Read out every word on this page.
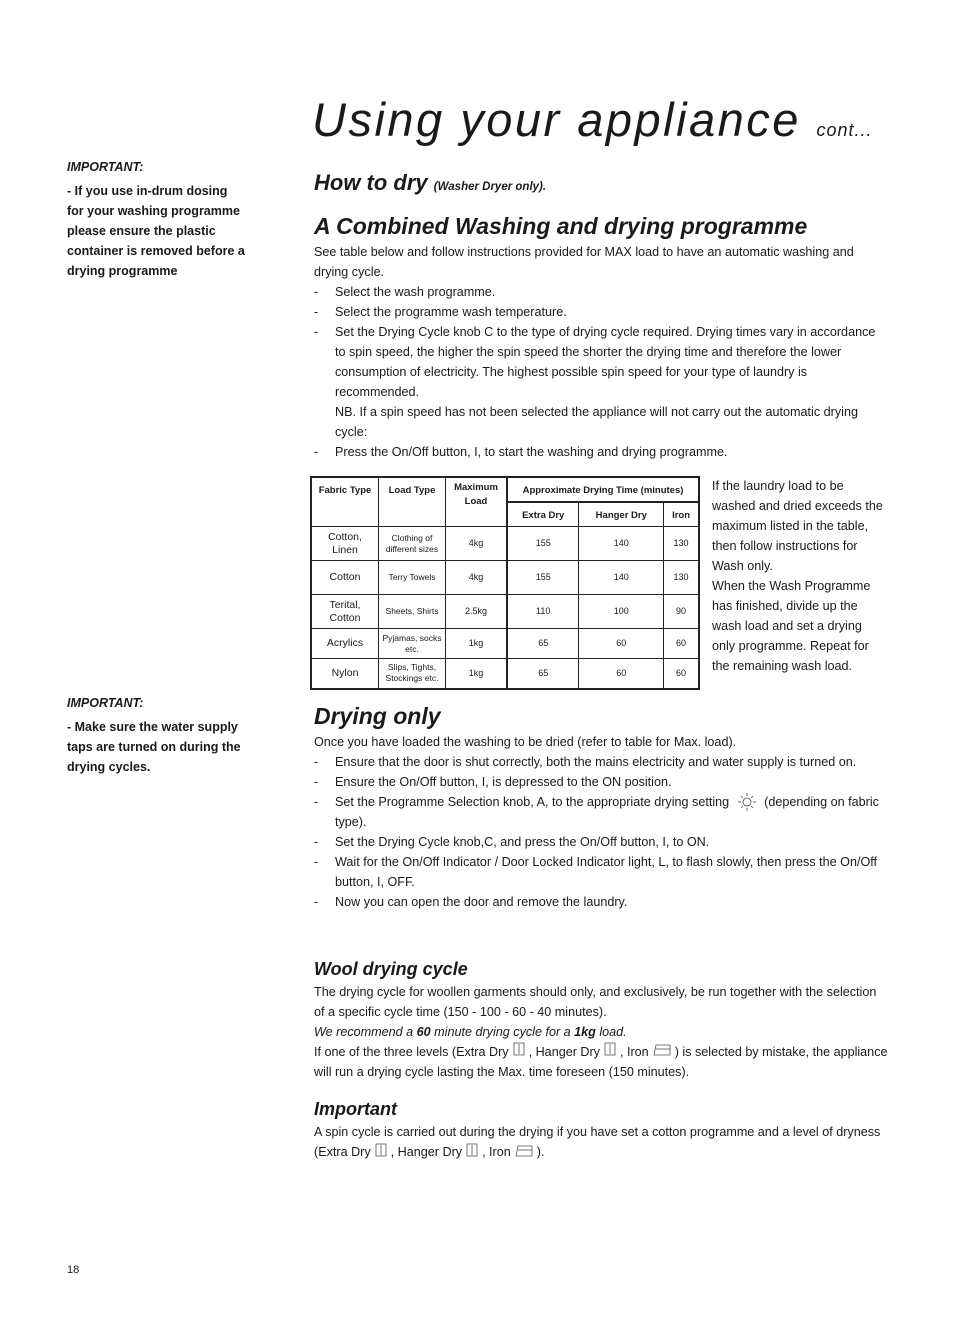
IMPORTANT:

- If you use in-drum dosing for your washing programme please ensure the plastic container is removed before a drying programme

IMPORTANT:

- Make sure the water supply taps are turned on during the drying cycles.

Using your appliance cont...
How to dry (Washer Dryer only).
A Combined Washing and drying programme

See table below and follow instructions provided for MAX load to have an automatic washing and drying cycle.

- Select the wash programme.
- Select the programme wash temperature.
- Set the Drying Cycle knob C to the type of drying cycle required. Drying times vary in accordance to spin speed, the higher the spin speed the shorter the drying time and therefore the lower consumption of electricity. The highest possible spin speed for your type of laundry is recommended.
NB. If a spin speed has not been selected the appliance will not carry out the automatic drying cycle:
- Press the On/Off button, I, to start the washing and drying programme.
Fabric Type	Load Type	Maximum Load	Approximate Drying Time (minutes)		
			Extra Dry	Hanger Dry	Iron
Cotton, Linen	Clothing of different sizes	4kg	155	140	130
Cotton	Terry Towels	4kg	155	140	130
Terital, Cotton	Sheets, Shirts	2.5kg	110	100	90
Acrylics	Pyjamas, socks etc.	1kg	65	60	60
Nylon	Slips, Tights, Stockings etc.	1kg	65	60	60

If the laundry load to be washed and dried exceeds the maximum listed in the table, then follow instructions for Wash only.

When the Wash Programme has finished, divide up the wash load and set a drying only programme. Repeat for the remaining wash load.

Drying only

Once you have loaded the washing to be dried (refer to table for Max. load).

- Ensure that the door is shut correctly, both the mains electricity and water supply is turned on.
- Ensure the On/Off button, I, is depressed to the ON position.
- Set the Programme Selection knob, A, to the appropriate drying setting	(depending on fabric type).
- Set the Drying Cycle knob,C, and press the On/Off button, I, to ON.
- Wait for the On/Off Indicator / Door Locked Indicator light, L, to flash slowly, then press the On/Off button, I, OFF.
- Now you can open the door and remove the laundry.
Wool drying cycle

The drying cycle for woollen garments should only, and exclusively, be run together with the selection of a specific cycle time (150 - 100 - 60 - 40 minutes).

We recommend a 60 minute drying cycle for a 1kg load.

If one of the three levels (Extra Dry , Hanger Dry , Iron ) is selected by mistake, the appliance will run a drying cycle lasting the Max. time foreseen (150 minutes).

Important

A spin cycle is carried out during the drying if you have set a cotton programme and a level of dryness (Extra Dry , Hanger Dry , Iron ).

18
